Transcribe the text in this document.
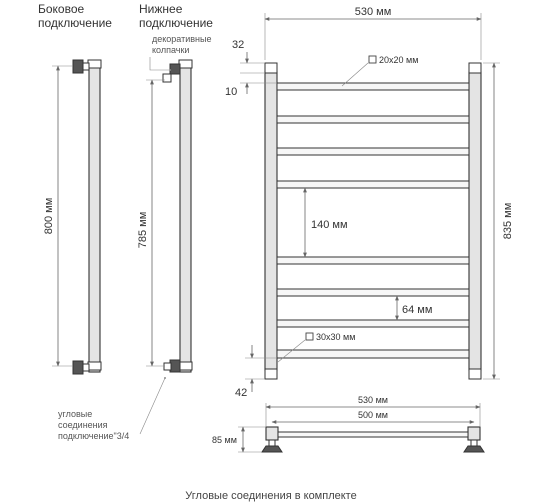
Боковое
подключение
Нижнее
подключение
800 мм	785 мм
декоративные
колпачки
угловые
соединения
подключение"3/4
530 мм
835 мм
32
10
42
140 мм
64 мм
20x20 мм
30x30 мм
530 мм
500 мм
85 мм
Угловые соединения в комплекте
